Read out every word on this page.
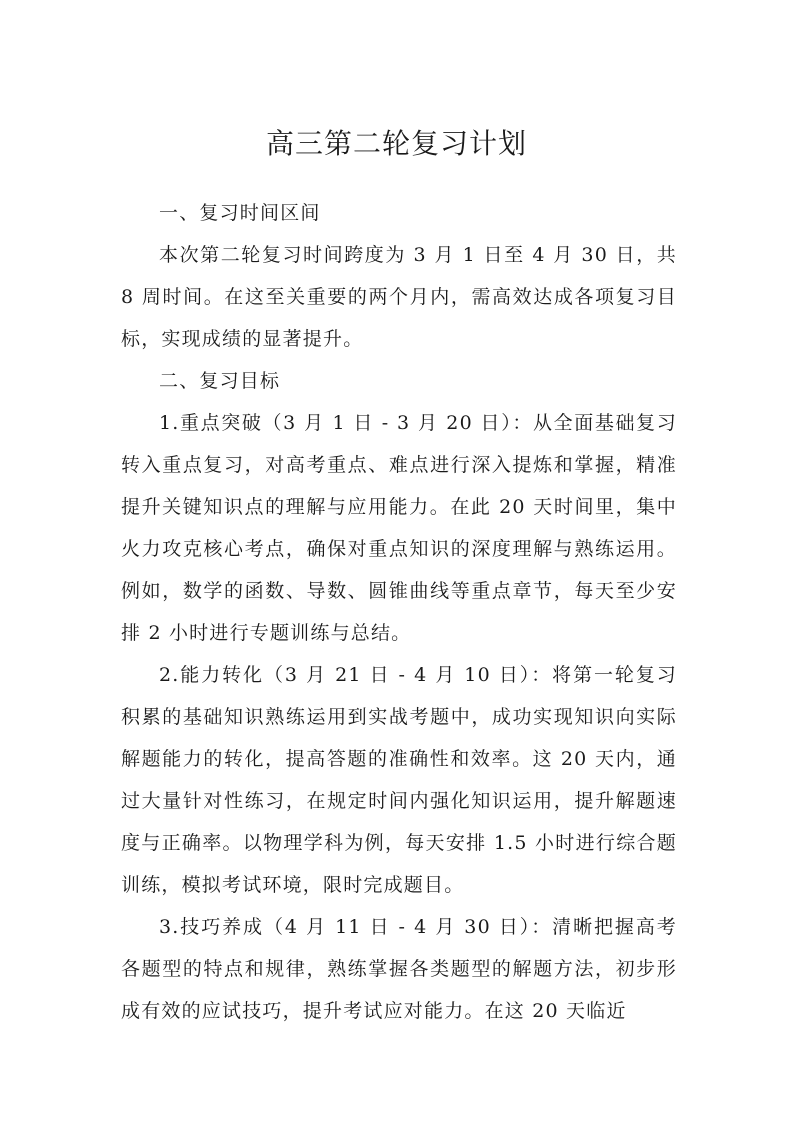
高三第二轮复习计划

一、复习时间区间

本次第二轮复习时间跨度为 3 月 1 日至 4 月 30 日，共 8 周时间。在这至关重要的两个月内，需高效达成各项复习目标，实现成绩的显著提升。

二、复习目标

1.重点突破（3 月 1 日 - 3 月 20 日）：从全面基础复习转入重点复习，对高考重点、难点进行深入提炼和掌握，精准提升关键知识点的理解与应用能力。在此 20 天时间里，集中火力攻克核心考点，确保对重点知识的深度理解与熟练运用。例如，数学的函数、导数、圆锥曲线等重点章节，每天至少安排 2 小时进行专题训练与总结。

2.能力转化（3 月 21 日 - 4 月 10 日）：将第一轮复习积累的基础知识熟练运用到实战考题中，成功实现知识向实际解题能力的转化，提高答题的准确性和效率。这 20 天内，通过大量针对性练习，在规定时间内强化知识运用，提升解题速度与正确率。以物理学科为例，每天安排 1.5 小时进行综合题训练，模拟考试环境，限时完成题目。

3.技巧养成（4 月 11 日 - 4 月 30 日）：清晰把握高考各题型的特点和规律，熟练掌握各类题型的解题方法，初步形成有效的应试技巧，提升考试应对能力。在这 20 天临近
